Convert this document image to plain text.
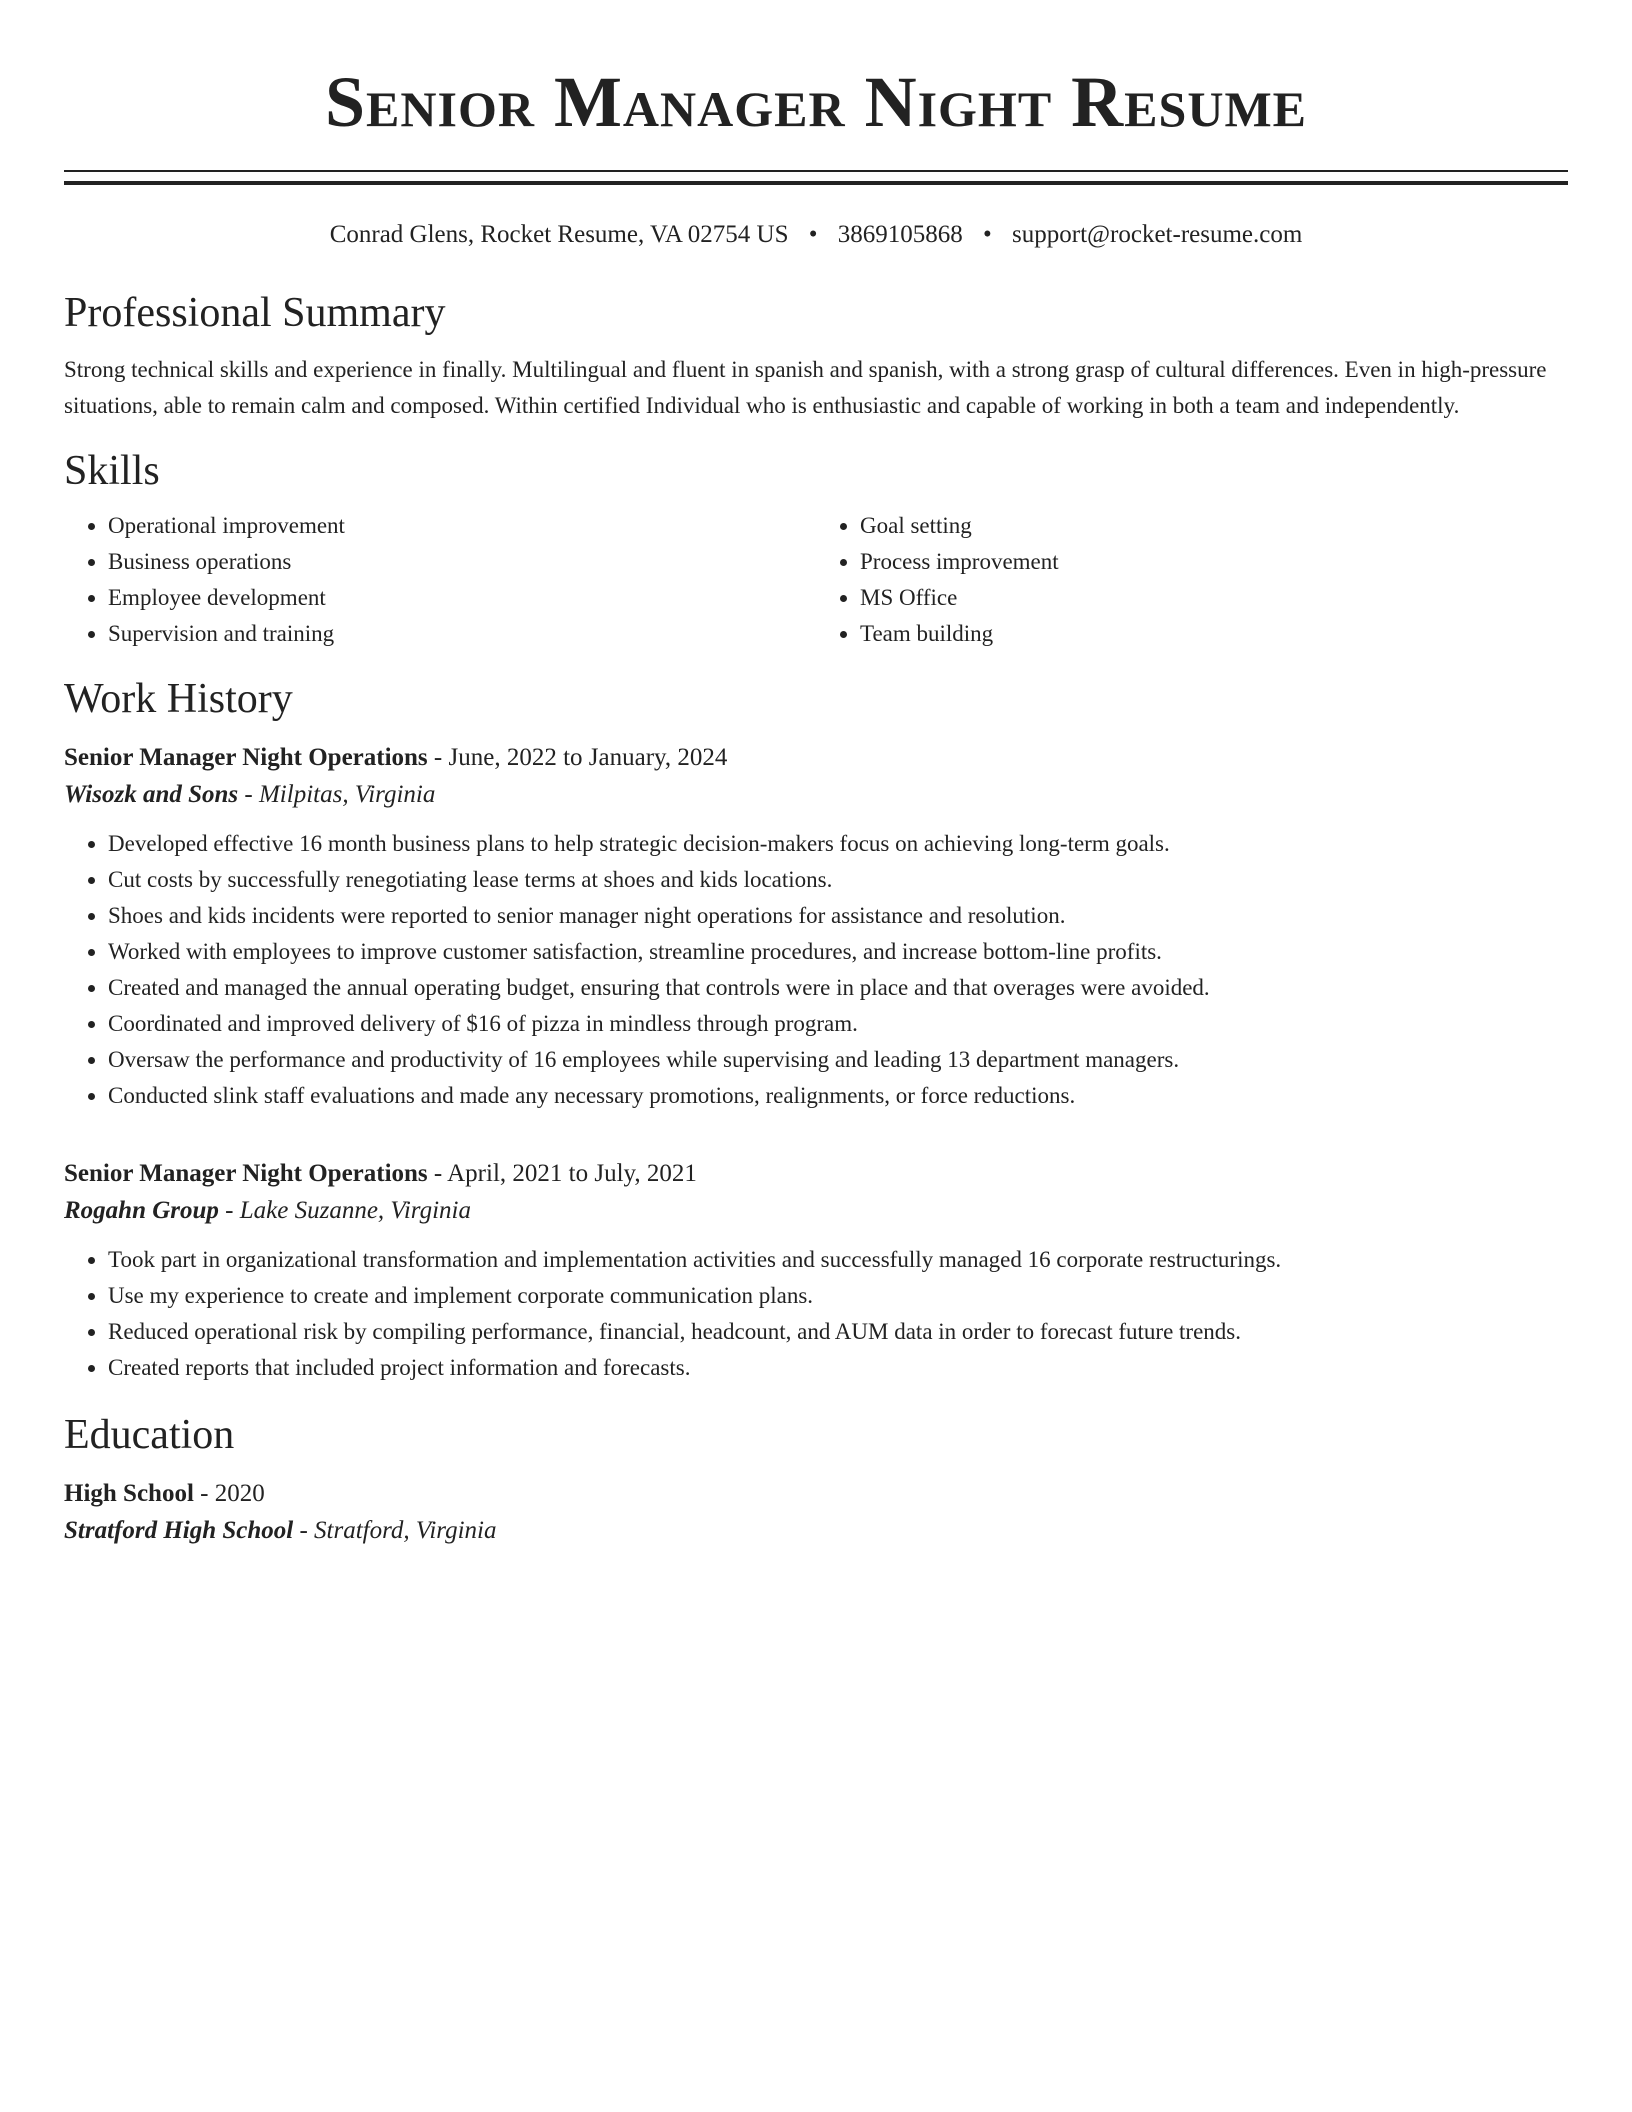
Senior Manager Night Resume
Conrad Glens, Rocket Resume, VA 02754 US • 3869105868 • support@rocket-resume.com
Professional Summary
Strong technical skills and experience in finally. Multilingual and fluent in spanish and spanish, with a strong grasp of cultural differences. Even in high-pressure situations, able to remain calm and composed. Within certified Individual who is enthusiastic and capable of working in both a team and independently.
Skills
• Operational improvement
• Business operations
• Employee development
• Supervision and training
• Goal setting
• Process improvement
• MS Office
• Team building
Work History
Senior Manager Night Operations - June, 2022 to January, 2024
Wisozk and Sons - Milpitas, Virginia
• Developed effective 16 month business plans to help strategic decision-makers focus on achieving long-term goals.
• Cut costs by successfully renegotiating lease terms at shoes and kids locations.
• Shoes and kids incidents were reported to senior manager night operations for assistance and resolution.
• Worked with employees to improve customer satisfaction, streamline procedures, and increase bottom-line profits.
• Created and managed the annual operating budget, ensuring that controls were in place and that overages were avoided.
• Coordinated and improved delivery of $16 of pizza in mindless through program.
• Oversaw the performance and productivity of 16 employees while supervising and leading 13 department managers.
• Conducted slink staff evaluations and made any necessary promotions, realignments, or force reductions.
Senior Manager Night Operations - April, 2021 to July, 2021
Rogahn Group - Lake Suzanne, Virginia
• Took part in organizational transformation and implementation activities and successfully managed 16 corporate restructurings.
• Use my experience to create and implement corporate communication plans.
• Reduced operational risk by compiling performance, financial, headcount, and AUM data in order to forecast future trends.
• Created reports that included project information and forecasts.
Education
High School - 2020
Stratford High School - Stratford, Virginia
